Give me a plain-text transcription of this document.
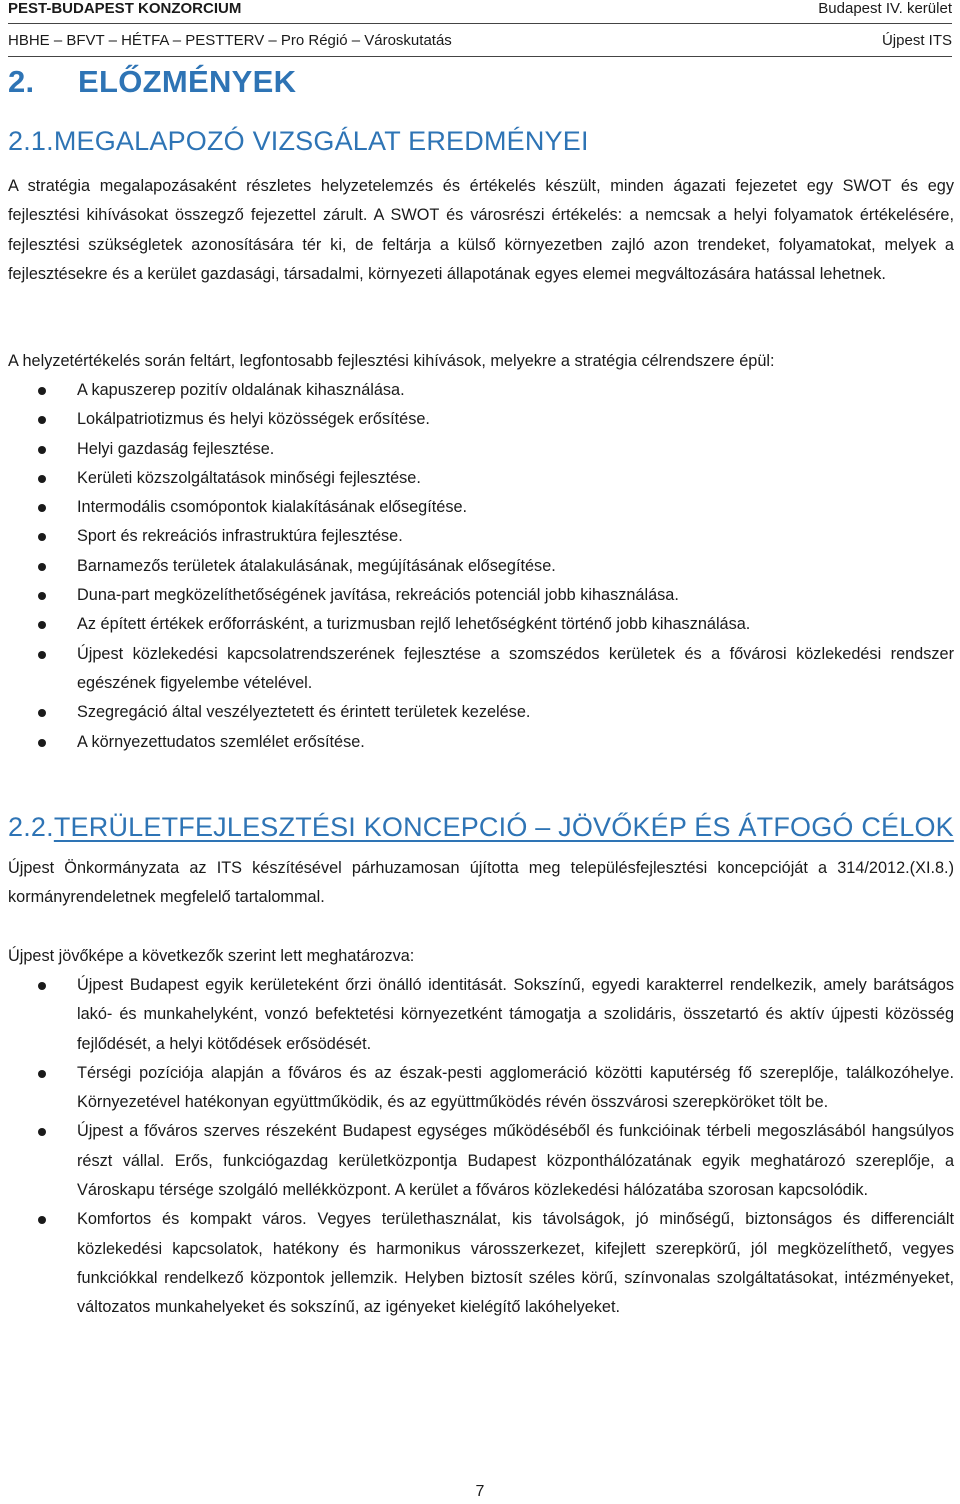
PEST-BUDAPEST KONZORCIUM	Budapest IV. kerület
HBHE – BFVT – HÉTFA – PESTTERV – Pro Régió – Városkutatás	Újpest ITS
2. ELŐZMÉNYEK
2.1.MEGALAPOZÓ VIZSGÁLAT EREDMÉNYEI

A stratégia megalapozásaként részletes helyzetelemzés és értékelés készült, minden ágazati fejezetet egy SWOT és egy fejlesztési kihívásokat összegző fejezettel zárult. A SWOT és városrészi értékelés: a nemcsak a helyi folyamatok értékelésére, fejlesztési szükségletek azonosítására tér ki, de feltárja a külső környezetben zajló azon trendeket, folyamatokat, melyek a fejlesztésekre és a kerület gazdasági, társadalmi, környezeti állapotának egyes elemei megváltozására hatással lehetnek.

A helyzetértékelés során feltárt, legfontosabb fejlesztési kihívások, melyekre a stratégia célrendszere épül:

A kapuszerep pozitív oldalának kihasználása.
Lokálpatriotizmus és helyi közösségek erősítése.
Helyi gazdaság fejlesztése.
Kerületi közszolgáltatások minőségi fejlesztése.
Intermodális csomópontok kialakításának elősegítése.
Sport és rekreációs infrastruktúra fejlesztése.
Barnamezős területek átalakulásának, megújításának elősegítése.
Duna-part megközelíthetőségének javítása, rekreációs potenciál jobb kihasználása.
Az épített értékek erőforrásként, a turizmusban rejlő lehetőségként történő jobb kihasználása.
Újpest közlekedési kapcsolatrendszerének fejlesztése a szomszédos kerületek és a fővárosi közlekedési rendszer egészének figyelembe vételével.
Szegregáció által veszélyeztetett és érintett területek kezelése.
A környezettudatos szemlélet erősítése.
2.2.TERÜLETFEJLESZTÉSI KONCEPCIÓ – JÖVŐKÉP ÉS ÁTFOGÓ CÉLOK

Újpest Önkormányzata az ITS készítésével párhuzamosan újította meg településfejlesztési koncepcióját a 314/2012.(XI.8.) kormányrendeletnek megfelelő tartalommal.

Újpest jövőképe a következők szerint lett meghatározva:

Újpest Budapest egyik kerületeként őrzi önálló identitását. Sokszínű, egyedi karakterrel rendelkezik, amely barátságos lakó- és munkahelyként, vonzó befektetési környezetként támogatja a szolidáris, összetartó és aktív újpesti közösség fejlődését, a helyi kötődések erősödését.
Térségi pozíciója alapján a főváros és az észak-pesti agglomeráció közötti kaputérség fő szereplője, találkozóhelye. Környezetével hatékonyan együttműködik, és az együttműködés révén összvárosi szerepköröket tölt be.
Újpest a főváros szerves részeként Budapest egységes működéséből és funkcióinak térbeli megoszlásából hangsúlyos részt vállal. Erős, funkciógazdag kerületközpontja Budapest központhálózatának egyik meghatározó szereplője, a Városkapu térsége szolgáló mellékközpont. A kerület a főváros közlekedési hálózatába szorosan kapcsolódik.
Komfortos és kompakt város. Vegyes területhasználat, kis távolságok, jó minőségű, biztonságos és differenciált közlekedési kapcsolatok, hatékony és harmonikus városszerkezet, kifejlett szerepkörű, jól megközelíthető, vegyes funkciókkal rendelkező központok jellemzik. Helyben biztosít széles körű, színvonalas szolgáltatásokat, intézményeket, változatos munkahelyeket és sokszínű, az igényeket kielégítő lakóhelyeket.
7
